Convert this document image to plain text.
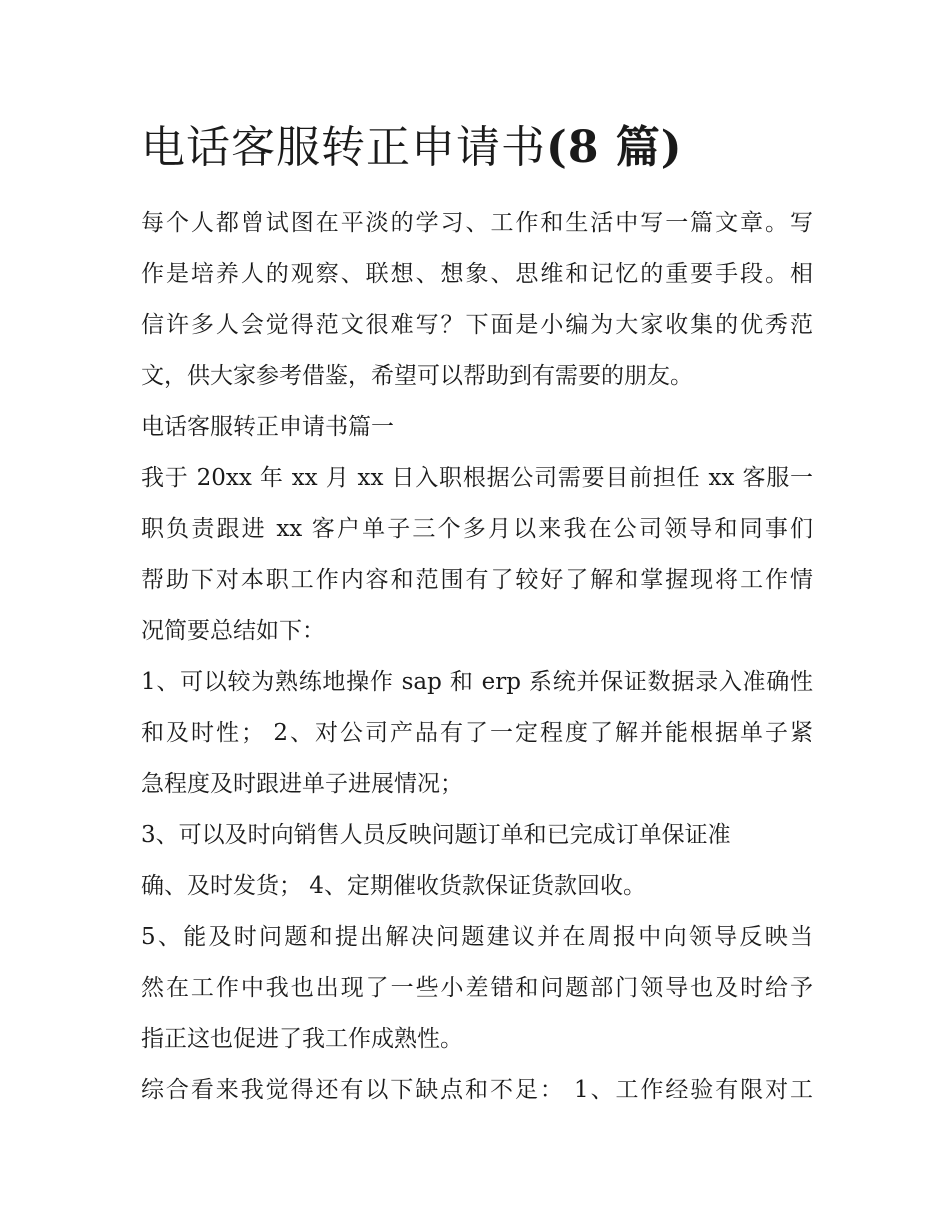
电话客服转正申请书(8 篇)

每个人都曾试图在平淡的学习、工作和生活中写一篇文章。写
作是培养人的观察、联想、想象、思维和记忆的重要手段。相
信许多人会觉得范文很难写？下面是小编为大家收集的优秀范
文，供大家参考借鉴，希望可以帮助到有需要的朋友。

电话客服转正申请书篇一

我于 20xx 年 xx 月 xx 日入职根据公司需要目前担任 xx 客服一
职负责跟进 xx 客户单子三个多月以来我在公司领导和同事们
帮助下对本职工作内容和范围有了较好了解和掌握现将工作情
况简要总结如下：

1、可以较为熟练地操作 sap 和 erp 系统并保证数据录入准确性
和及时性； 2、对公司产品有了一定程度了解并能根据单子紧
急程度及时跟进单子进展情况；

3、可以及时向销售人员反映问题订单和已完成订单保证准
确、及时发货； 4、定期催收货款保证货款回收。

5、能及时问题和提出解决问题建议并在周报中向领导反映当
然在工作中我也出现了一些小差错和问题部门领导也及时给予
指正这也促进了我工作成熟性。

综合看来我觉得还有以下缺点和不足： 1、工作经验有限对工
